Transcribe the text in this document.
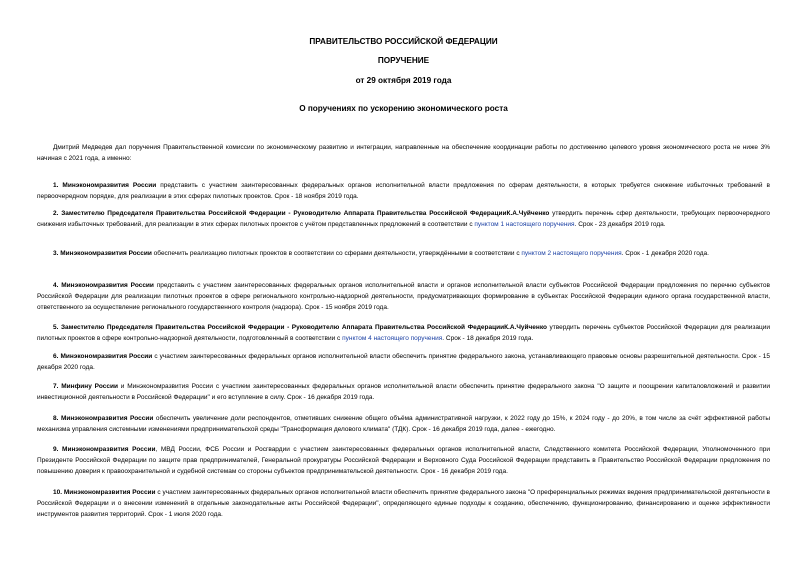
ПРАВИТЕЛЬСТВО РОССИЙСКОЙ ФЕДЕРАЦИИ
ПОРУЧЕНИЕ
от 29 октября 2019 года
О поручениях по ускорению экономического роста
Дмитрий Медведев дал поручения Правительственной комиссии по экономическому развитию и интеграции, направленные на обеспечение координации работы по достижению целевого уровня экономического роста не ниже 3% начиная с 2021 года, а именно:
1. Минэкономразвития России представить с участием заинтересованных федеральных органов исполнительной власти предложения по сферам деятельности, в которых требуется снижение избыточных требований в первоочередном порядке, для реализации в этих сферах пилотных проектов. Срок - 18 ноября 2019 года.
2. Заместителю Председателя Правительства Российской Федерации - Руководителю Аппарата Правительства Российской ФедерацииК.А.Чуйченко утвердить перечень сфер деятельности, требующих первоочередного снижения избыточных требований, для реализации в этих сферах пилотных проектов с учётом представленных предложений в соответствии с пунктом 1 настоящего поручения. Срок - 23 декабря 2019 года.
3. Минэкономразвития России обеспечить реализацию пилотных проектов в соответствии со сферами деятельности, утверждёнными в соответствии с пунктом 2 настоящего поручения. Срок - 1 декабря 2020 года.
4. Минэкономразвития России представить с участием заинтересованных федеральных органов исполнительной власти и органов исполнительной власти субъектов Российской Федерации предложения по перечню субъектов Российской Федерации для реализации пилотных проектов в сфере регионального контрольно-надзорной деятельности, предусматривающих формирование в субъектах Российской Федерации единого органа государственной власти, ответственного за осуществление регионального государственного контроля (надзора). Срок - 15 ноября 2019 года.
5. Заместителю Председателя Правительства Российской Федерации - Руководителю Аппарата Правительства Российской ФедерацииК.А.Чуйченко утвердить перечень субъектов Российской Федерации для реализации пилотных проектов в сфере контрольно-надзорной деятельности, подготовленный в соответствии с пунктом 4 настоящего поручения. Срок - 18 декабря 2019 года.
6. Минэкономразвития России с участием заинтересованных федеральных органов исполнительной власти обеспечить принятие федерального закона, устанавливающего правовые основы разрешительной деятельности. Срок - 15 декабря 2020 года.
7. Минфину России и Минэкономразвития России с участием заинтересованных федеральных органов исполнительной власти обеспечить принятие федерального закона "О защите и поощрении капиталовложений и развитии инвестиционной деятельности в Российской Федерации" и его вступление в силу. Срок - 16 декабря 2019 года.
8. Минэкономразвития России обеспечить увеличение доли респондентов, отметивших снижение общего объёма административной нагрузки, к 2022 году до 15%, к 2024 году - до 20%, в том числе за счёт эффективной работы механизма управления системными изменениями предпринимательской среды "Трансформация делового климата" (ТДК). Срок - 16 декабря 2019 года, далее - ежегодно.
9. Минэкономразвития России, МВД России, ФСБ России и Росгвардии с участием заинтересованных федеральных органов исполнительной власти, Следственного комитета Российской Федерации, Уполномоченного при Президенте Российской Федерации по защите прав предпринимателей, Генеральной прокуратуры Российской Федерации и Верховного Суда Российской Федерации представить в Правительство Российской Федерации предложения по повышению доверия к правоохранительной и судебной системам со стороны субъектов предпринимательской деятельности. Срок - 16 декабря 2019 года.
10. Минэкономразвития России с участием заинтересованных федеральных органов исполнительной власти обеспечить принятие федерального закона "О преференциальных режимах ведения предпринимательской деятельности в Российской Федерации и о внесении изменений в отдельные законодательные акты Российской Федерации", определяющего единые подходы к созданию, обеспечению, функционированию, финансированию и оценке эффективности инструментов развития территорий. Срок - 1 июля 2020 года.
